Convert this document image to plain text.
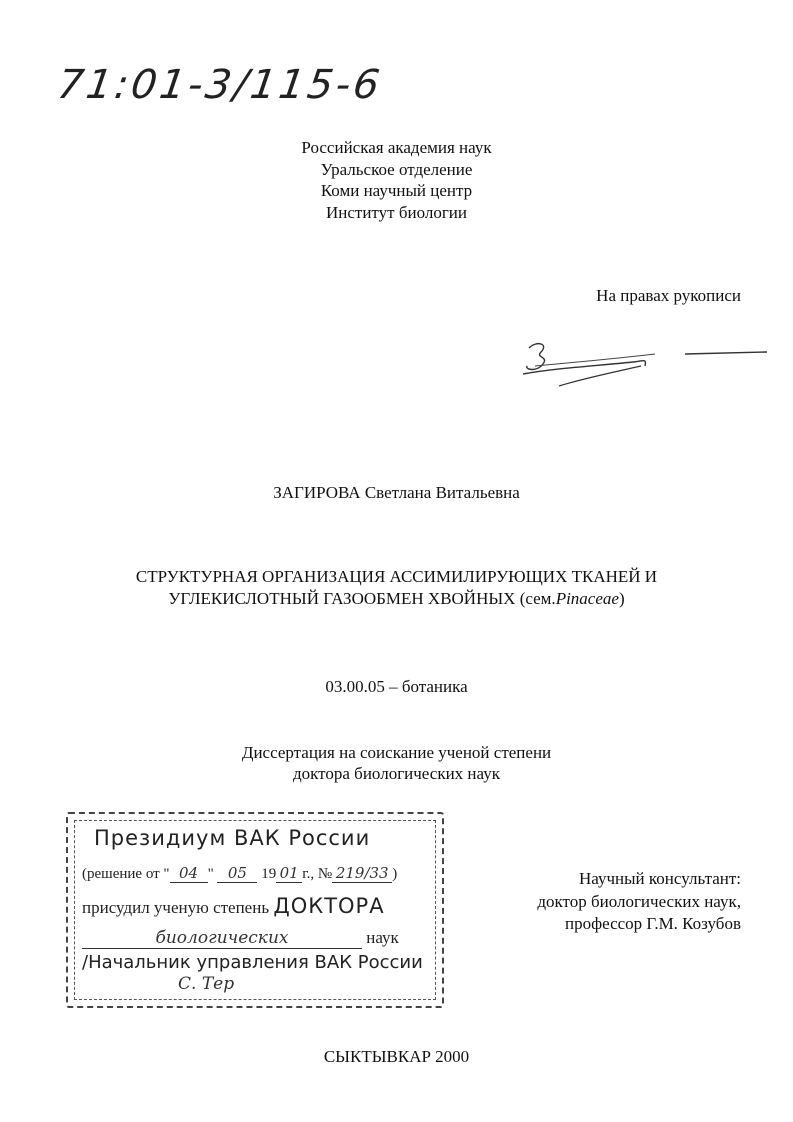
71:01-3/115-6
Российская академия наук
Уральское отделение
Коми научный центр
Институт биологии
На правах рукописи
ЗАГИРОВА Светлана Витальевна
СТРУКТУРНАЯ ОРГАНИЗАЦИЯ АССИМИЛИРУЮЩИХ ТКАНЕЙ И
УГЛЕКИСЛОТНЫЙ ГАЗООБМЕН ХВОЙНЫХ (сем.Pinaceae)
03.00.05 – ботаника
Диссертация на соискание ученой степени
доктора биологических наук
Президиум ВАК России
(решение от " 04 " 05 19 01 г., № 219/33 )
присудил ученую степень ДОКТОРА
биологических	наук
/Начальник управления ВАК России
С. Тер
Научный консультант:
доктор биологических наук,
профессор Г.М. Козубов
СЫКТЫВКАР 2000
